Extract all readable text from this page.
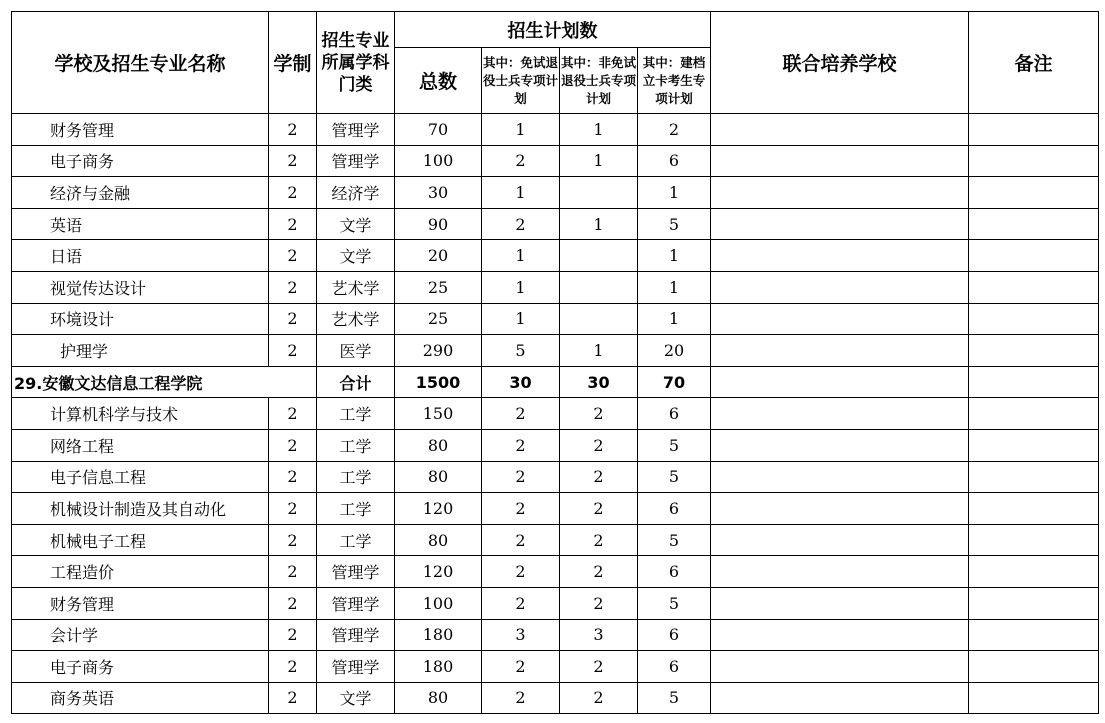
学校及招生专业名称	学制	招生专业所属学科门类	招生计划数				联合培养学校	备注
			总数	其中：免试退役士兵专项计划	其中：非免试退役士兵专项计划	其中：建档立卡考生专项计划		
财务管理	2	管理学	70	1	1	2		
电子商务	2	管理学	100	2	1	6		
经济与金融	2	经济学	30	1		1		
英语	2	文学	90	2	1	5		
日语	2	文学	20	1		1		
视觉传达设计	2	艺术学	25	1		1		
环境设计	2	艺术学	25	1		1		
护理学	2	医学	290	5	1	20		
29.安徽文达信息工程学院		合计	1500	30	30	70		
计算机科学与技术	2	工学	150	2	2	6		
网络工程	2	工学	80	2	2	5		
电子信息工程	2	工学	80	2	2	5		
机械设计制造及其自动化	2	工学	120	2	2	6		
机械电子工程	2	工学	80	2	2	5		
工程造价	2	管理学	120	2	2	6		
财务管理	2	管理学	100	2	2	5		
会计学	2	管理学	180	3	3	6		
电子商务	2	管理学	180	2	2	6		
商务英语	2	文学	80	2	2	5		
